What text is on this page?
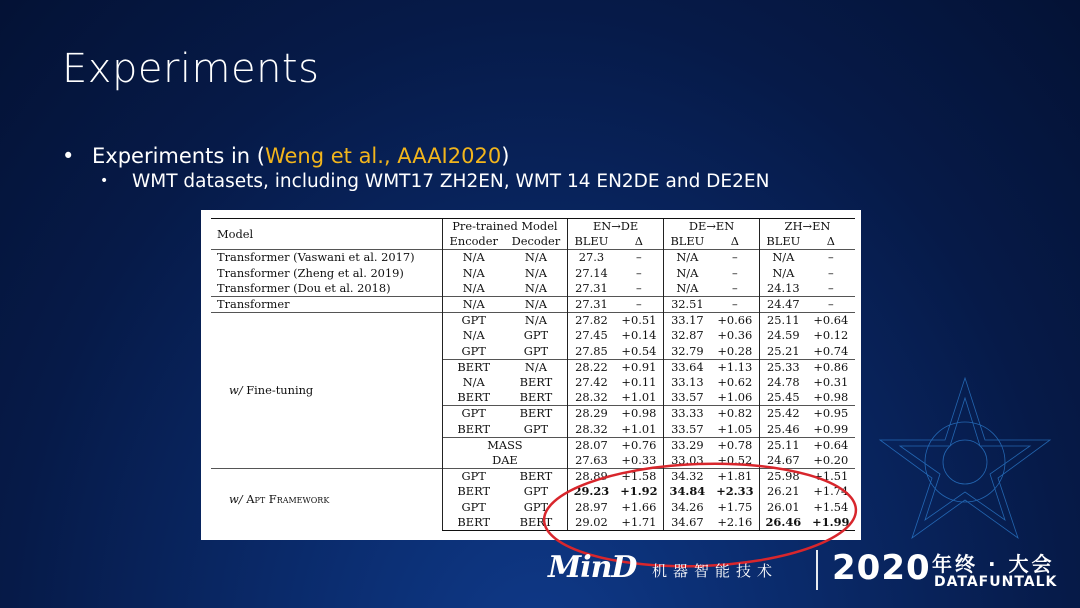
Experiments
• Experiments in (Weng et al., AAAI2020)
• WMT datasets, including WMT17 ZH2EN, WMT 14 EN2DE and DE2EN
Model	Pre-trained Model		EN→DE		DE→EN		ZH→EN	
	Encoder	Decoder	BLEU	Δ	BLEU	Δ	BLEU	Δ
Transformer (Vaswani et al. 2017)	N/A	N/A	27.3	–	N/A	–	N/A	–
Transformer (Zheng et al. 2019)	N/A	N/A	27.14	–	N/A	–	N/A	–
Transformer (Dou et al. 2018)	N/A	N/A	27.31	–	N/A	–	24.13	–
Transformer	N/A	N/A	27.31	–	32.51	–	24.47	–
w/ Fine-tuning	GPT	N/A	27.82	+0.51	33.17	+0.66	25.11	+0.64
	N/A	GPT	27.45	+0.14	32.87	+0.36	24.59	+0.12
	GPT	GPT	27.85	+0.54	32.79	+0.28	25.21	+0.74
	BERT	N/A	28.22	+0.91	33.64	+1.13	25.33	+0.86
	N/A	BERT	27.42	+0.11	33.13	+0.62	24.78	+0.31
	BERT	BERT	28.32	+1.01	33.57	+1.06	25.45	+0.98
	GPT	BERT	28.29	+0.98	33.33	+0.82	25.42	+0.95
	BERT	GPT	28.32	+1.01	33.57	+1.05	25.46	+0.99
	MASS		28.07	+0.76	33.29	+0.78	25.11	+0.64
	DAE		27.63	+0.33	33.03	+0.52	24.67	+0.20
w/ Apt Framework	GPT	BERT	28.89	+1.58	34.32	+1.81	25.98	+1.51
	BERT	GPT	29.23	+1.92	34.84	+2.33	26.21	+1.74
	GPT	GPT	28.97	+1.66	34.26	+1.75	26.01	+1.54
	BERT	BERT	29.02	+1.71	34.67	+2.16	26.46	+1.99
MinD 机器智能技术 2020 年终 · 大会
DATAFUNTALK
